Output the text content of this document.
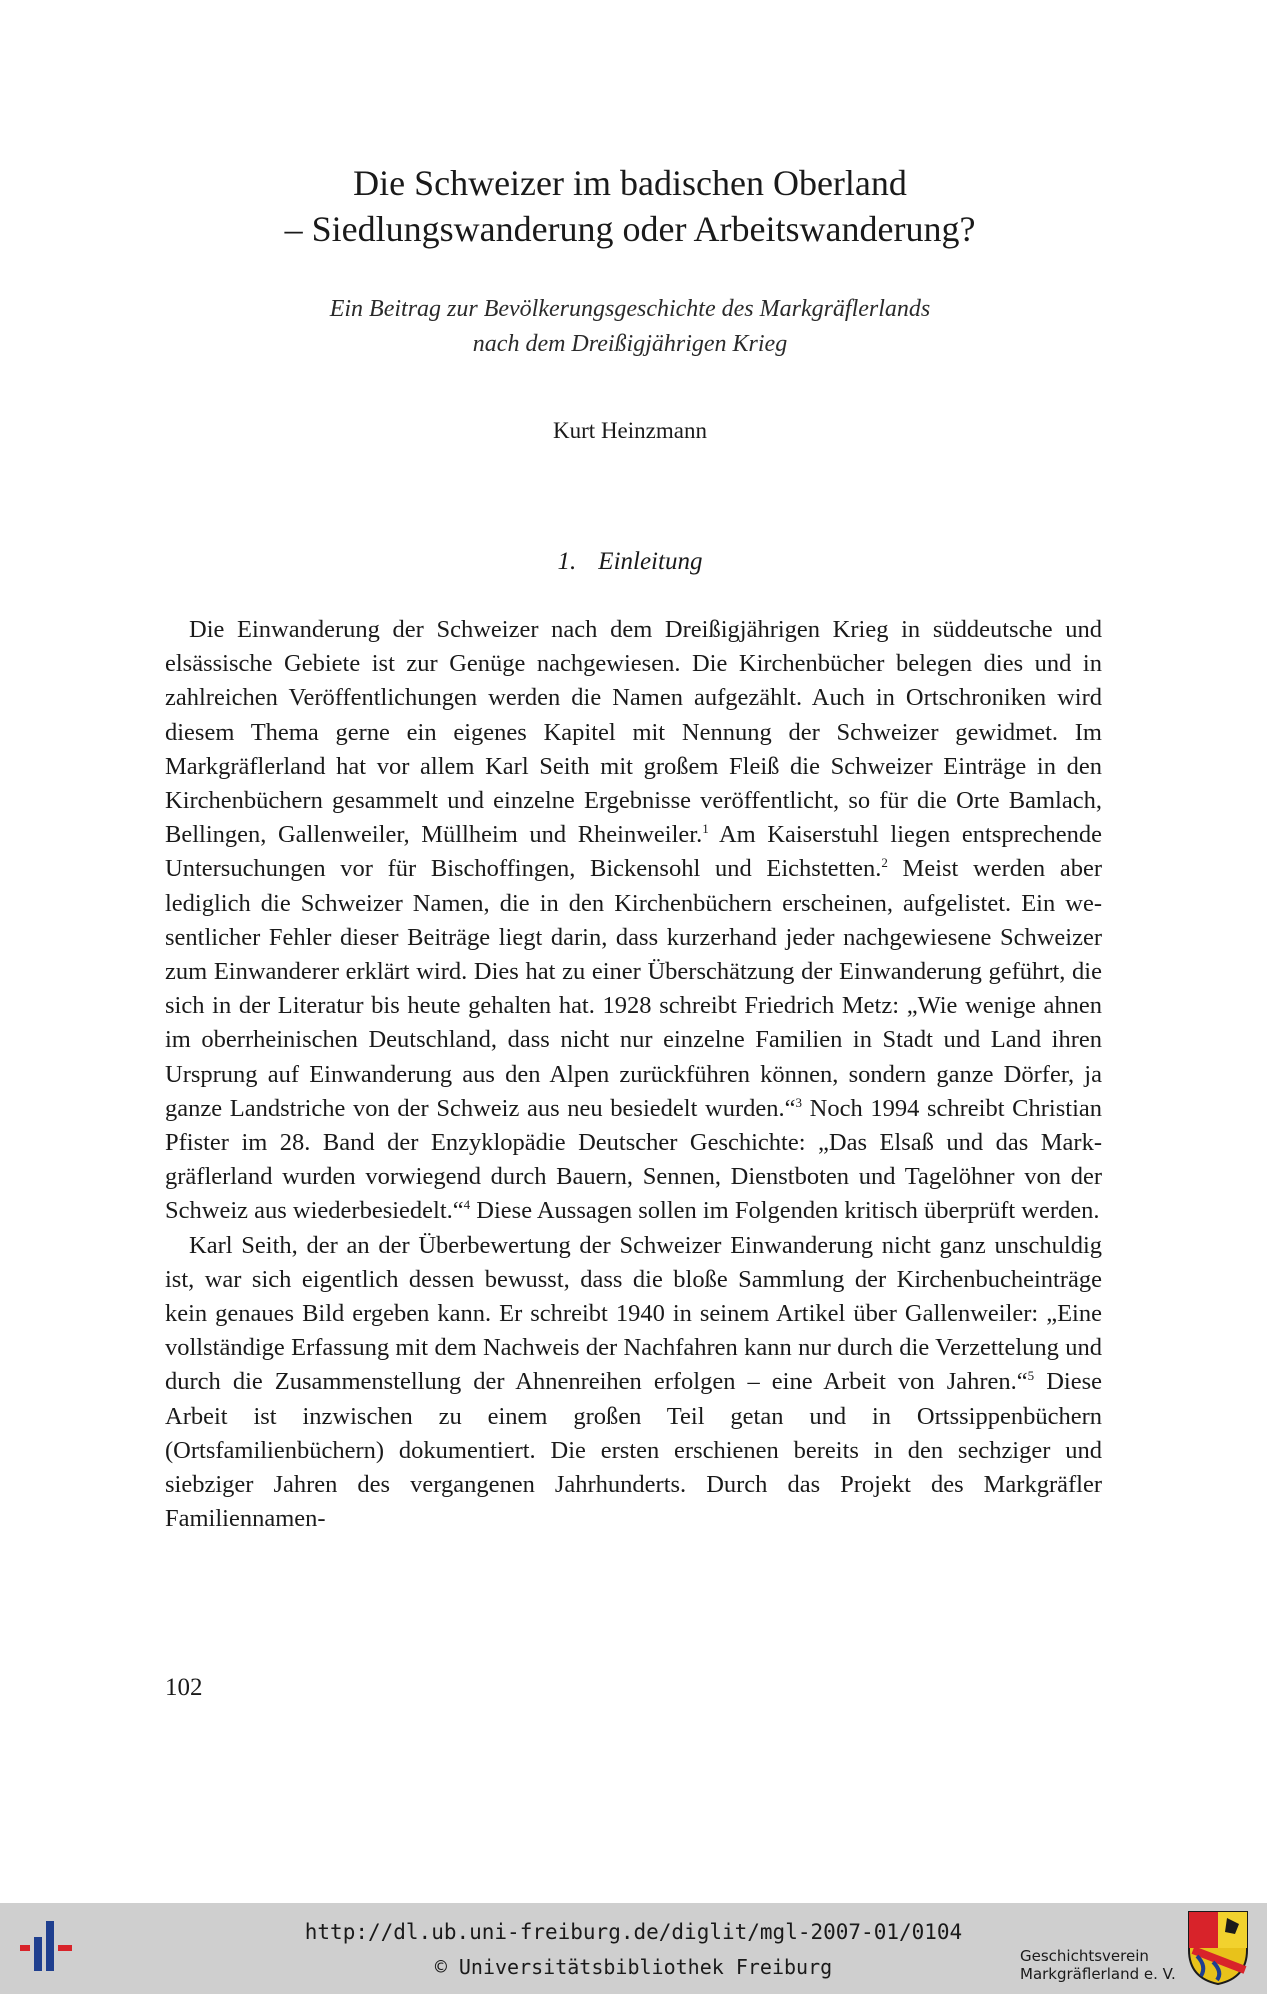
Die Schweizer im badischen Oberland
– Siedlungswanderung oder Arbeitswanderung?
Ein Beitrag zur Bevölkerungsgeschichte des Markgräflerlands
nach dem Dreißigjährigen Krieg
Kurt Heinzmann
1. Einleitung

Die Einwanderung der Schweizer nach dem Dreißigjährigen Krieg in süddeutsche und elsässische Gebiete ist zur Genüge nachgewiesen. Die Kirchenbücher belegen dies und in zahlreichen Veröffentlichungen werden die Namen aufgezählt. Auch in Ortschroniken wird diesem Thema gerne ein eigenes Kapitel mit Nennung der Schweizer gewidmet. Im Markgräflerland hat vor allem Karl Seith mit großem Fleiß die Schweizer Einträge in den Kirchenbüchern gesammelt und einzelne Ergebnisse veröffentlicht, so für die Orte Bamlach, Bellingen, Gallenweiler, Müllheim und Rheinweiler.$^1$ Am Kaiserstuhl liegen entsprechende Untersuchungen vor für Bischoffingen, Bickensohl und Eichstetten.$^2$ Meist werden aber lediglich die Schweizer Namen, die in den Kirchenbüchern erscheinen, aufgelistet. Ein wesentlicher Fehler dieser Beiträge liegt darin, dass kurzerhand jeder nachgewiesene Schweizer zum Einwanderer erklärt wird. Dies hat zu einer Überschätzung der Einwanderung geführt, die sich in der Literatur bis heute gehalten hat. 1928 schreibt Friedrich Metz: „Wie wenige ahnen im oberrheinischen Deutschland, dass nicht nur einzelne Familien in Stadt und Land ihren Ursprung auf Einwanderung aus den Alpen zurückführen können, sondern ganze Dörfer, ja ganze Landstriche von der Schweiz aus neu besiedelt wurden.“$^3$ Noch 1994 schreibt Christian Pfister im 28. Band der Enzyklopädie Deutscher Geschichte: „Das Elsaß und das Markgräflerland wurden vorwiegend durch Bauern, Sennen, Dienstboten und Tagelöhner von der Schweiz aus wiederbesiedelt.“$^4$ Diese Aussagen sollen im Folgenden kritisch überprüft werden.

Karl Seith, der an der Überbewertung der Schweizer Einwanderung nicht ganz unschuldig ist, war sich eigentlich dessen bewusst, dass die bloße Sammlung der Kirchenbucheinträge kein genaues Bild ergeben kann. Er schreibt 1940 in seinem Artikel über Gallenweiler: „Eine vollständige Erfassung mit dem Nachweis der Nachfahren kann nur durch die Verzettelung und durch die Zusammenstellung der Ahnenreihen erfolgen – eine Arbeit von Jahren.“$^5$ Diese Arbeit ist inzwischen zu einem großen Teil getan und in Ortssippenbüchern (Ortsfamilienbüchern) dokumentiert. Die ersten erschienen bereits in den sechziger und siebziger Jahren des vergangenen Jahrhunderts. Durch das Projekt des Markgräfler Familiennamen-

102
http://dl.ub.uni-freiburg.de/diglit/mgl-2007-01/0104
© Universitätsbibliothek Freiburg	Geschichtsverein
Markgräflerland e. V.
